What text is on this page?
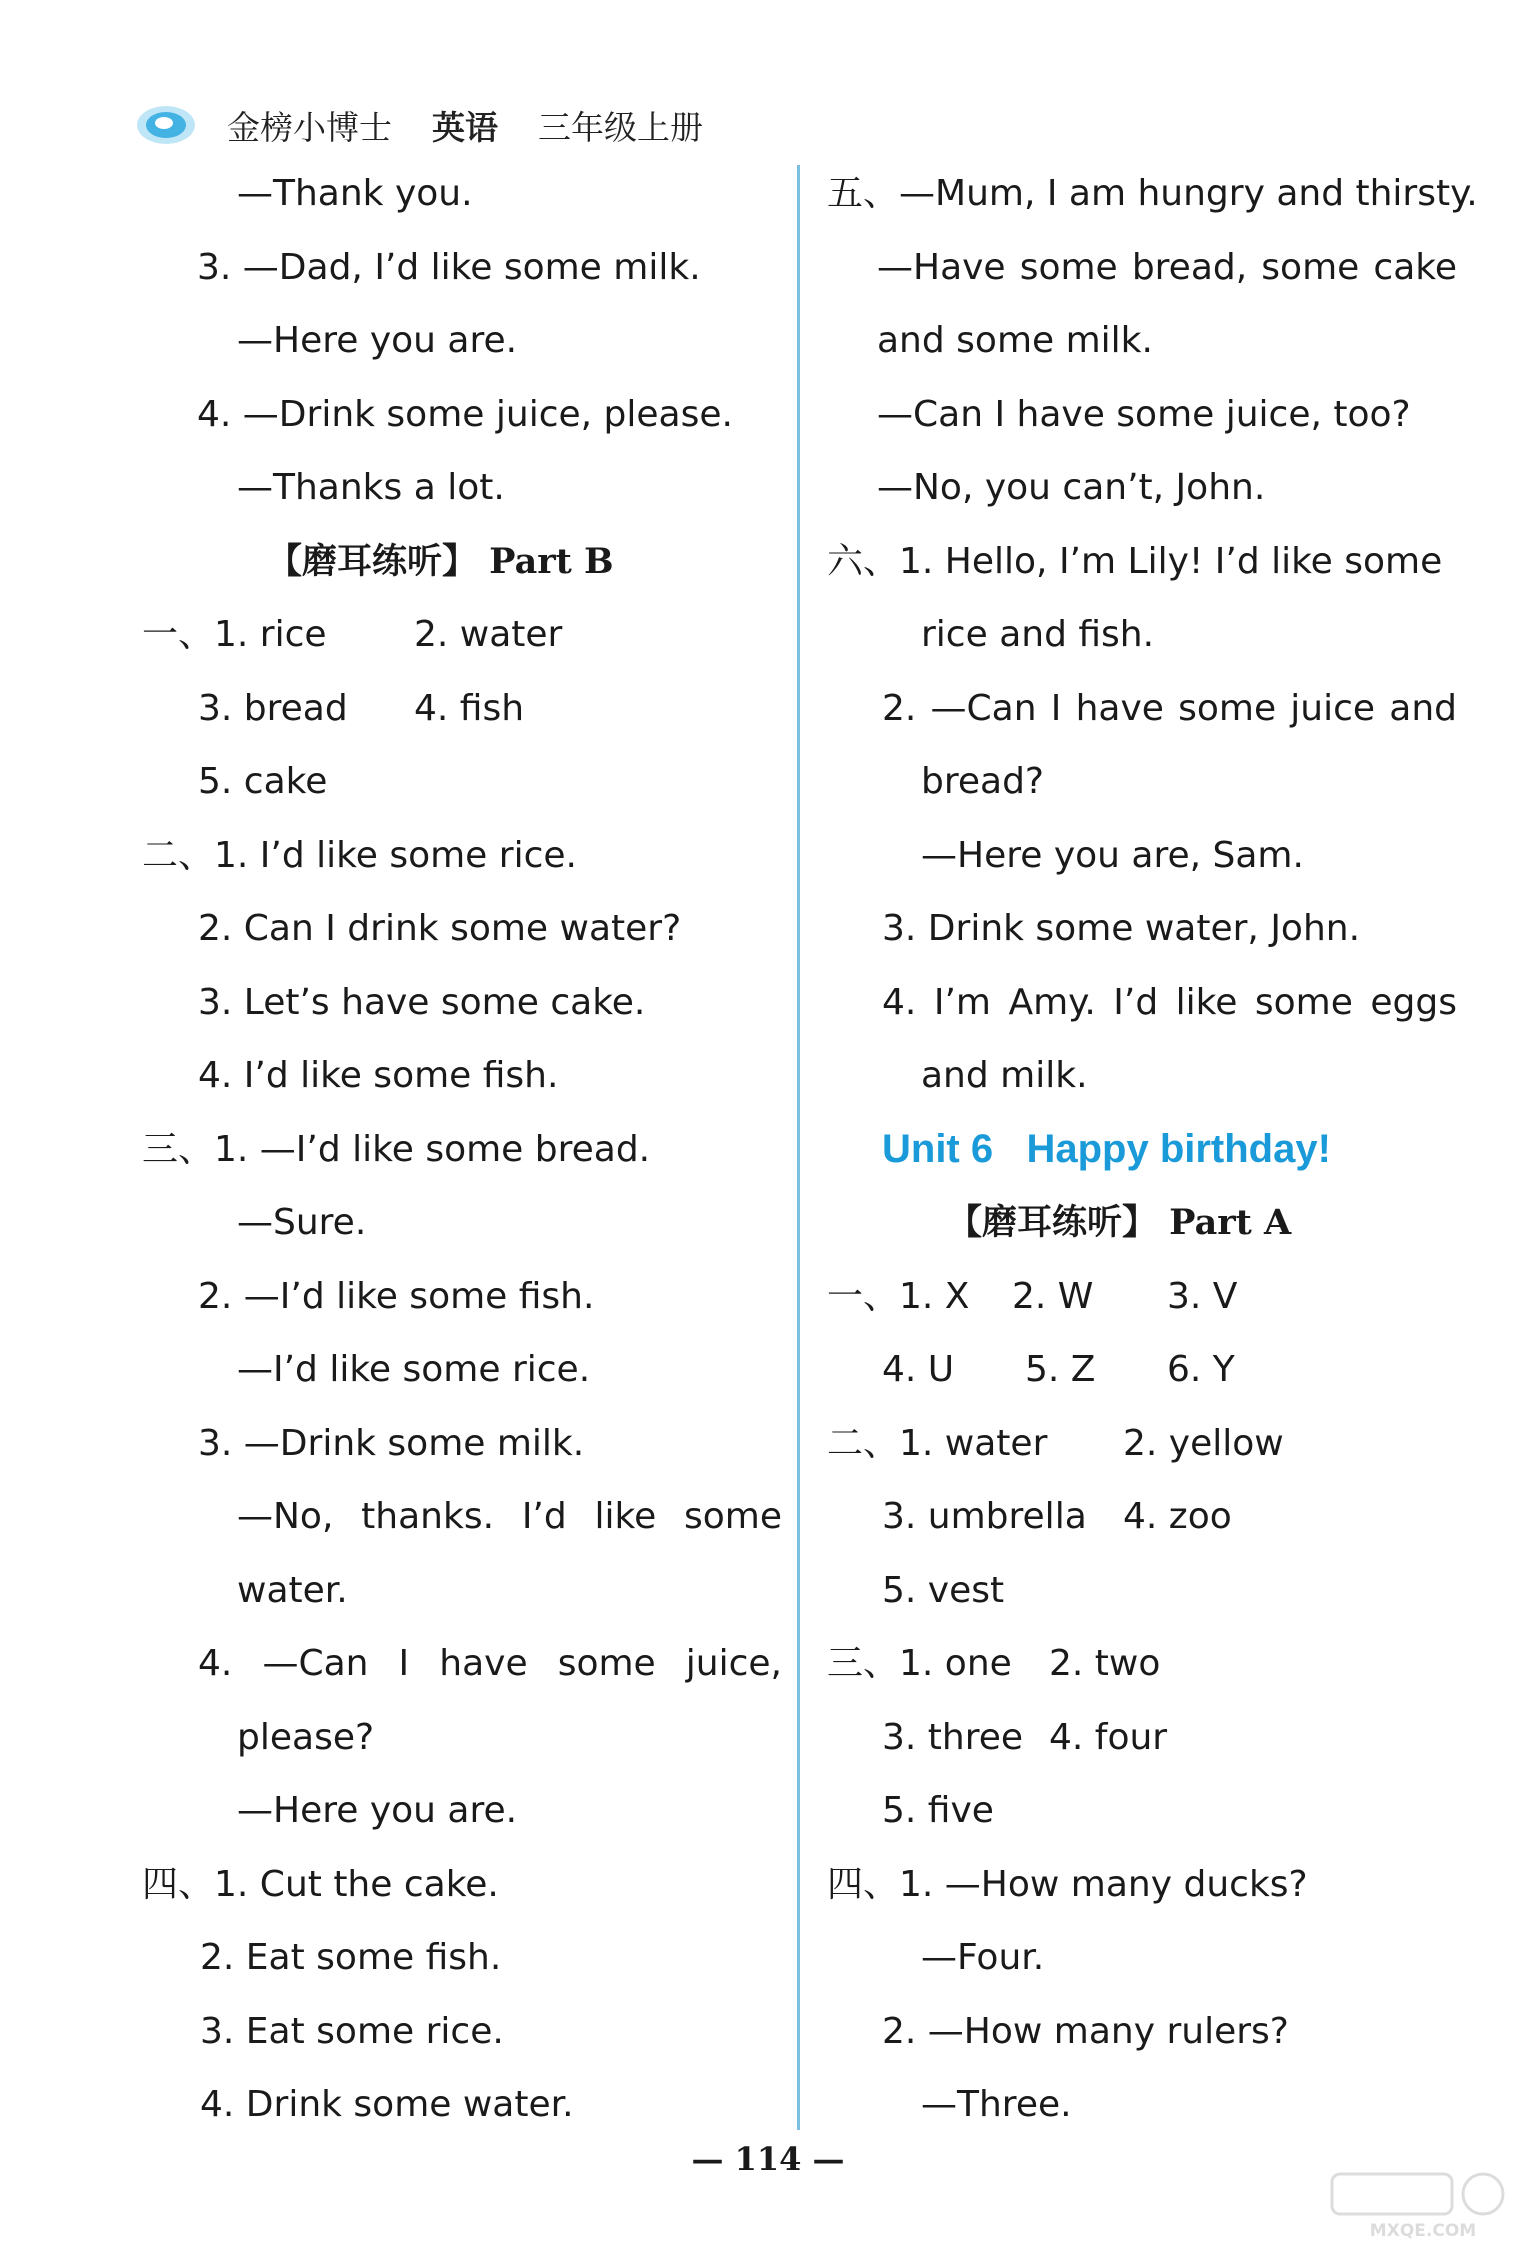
金榜小博士 英语 三年级上册
—Thank you.
3. —Dad, I’d like some milk.
—Here you are.
4. —Drink some juice, please.
—Thanks a lot.
【磨耳练听】 Part B
一、1. rice 2. water
3. bread 4. fish
5. cake
二、1. I’d like some rice.
2. Can I drink some water?
3. Let’s have some cake.
4. I’d like some fish.
三、1. —I’d like some bread.
—Sure.
2. —I’d like some fish.
—I’d like some rice.
3. —Drink some milk.
—No, thanks. I’d like some
water.
4. —Can I have some juice,
please?
—Here you are.
四、1. Cut the cake.
2. Eat some fish.
3. Eat some rice.
4. Drink some water.
五、—Mum, I am hungry and thirsty.
—Have some bread, some cake
and some milk.
—Can I have some juice, too?
—No, you can’t, John.
六、1. Hello, I’m Lily! I’d like some
rice and fish.
2. —Can I have some juice and
bread?
—Here you are, Sam.
3. Drink some water, John.
4. I’m Amy. I’d like some eggs
and milk.
Unit 6   Happy birthday!
【磨耳练听】 Part A
一、1. X 2. W 3. V
4. U 5. Z 6. Y
二、1. water 2. yellow
3. umbrella 4. zoo
5. vest
三、1. one 2. two
3. three 4. four
5. five
四、1. —How many ducks?
—Four.
2. —How many rulers?
—Three.
— 114 —
MXQE.COM
